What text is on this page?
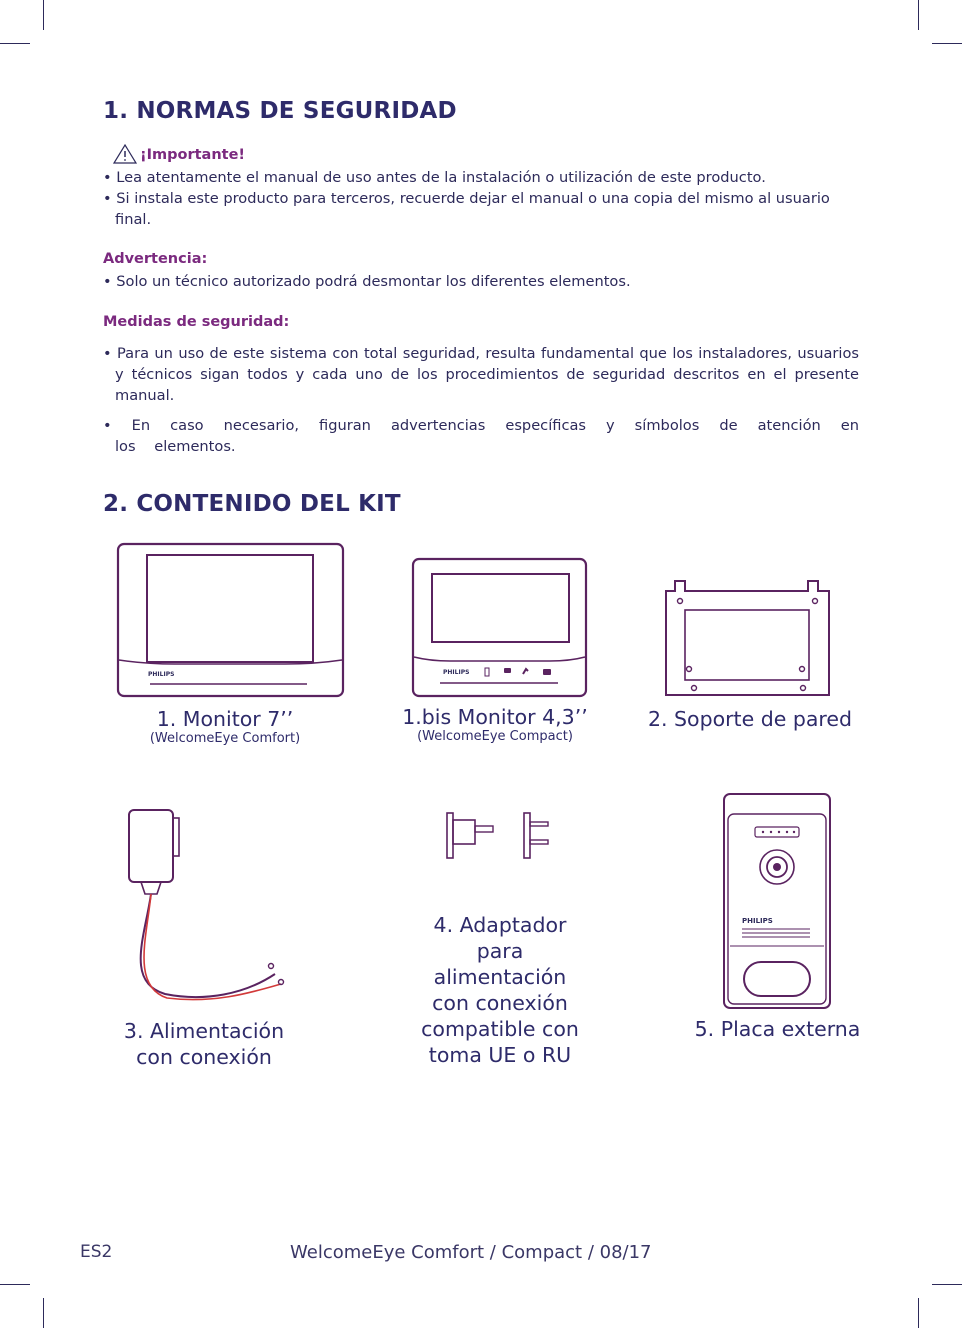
1. NORMAS DE SEGURIDAD
¡Importante!
• Lea atentamente el manual de uso antes de la instalación o utilización de este producto.
• Si instala este producto para terceros, recuerde dejar el manual o una copia del mismo al usuario final.
Advertencia:
• Solo un técnico autorizado podrá desmontar los diferentes elementos.
Medidas de seguridad:
• Para un uso de este sistema con total seguridad, resulta fundamental que los instaladores, usuarios y técnicos sigan todos y cada uno de los procedimientos de seguridad descritos en el presente manual.
• En caso necesario, figuran advertencias específicas y símbolos de atención en los elementos.
2. CONTENIDO DEL KIT
PHILIPS
1. Monitor 7’’
(WelcomeEye Comfort)
PHILIPS
1.bis Monitor 4,3’’
(WelcomeEye Compact)
2. Soporte de pared
3. Alimentación
con conexión
4. Adaptador
para
alimentación
con conexión
compatible con
toma UE o RU
PHILIPS
5. Placa externa
ES2	WelcomeEye Comfort / Compact / 08/17
